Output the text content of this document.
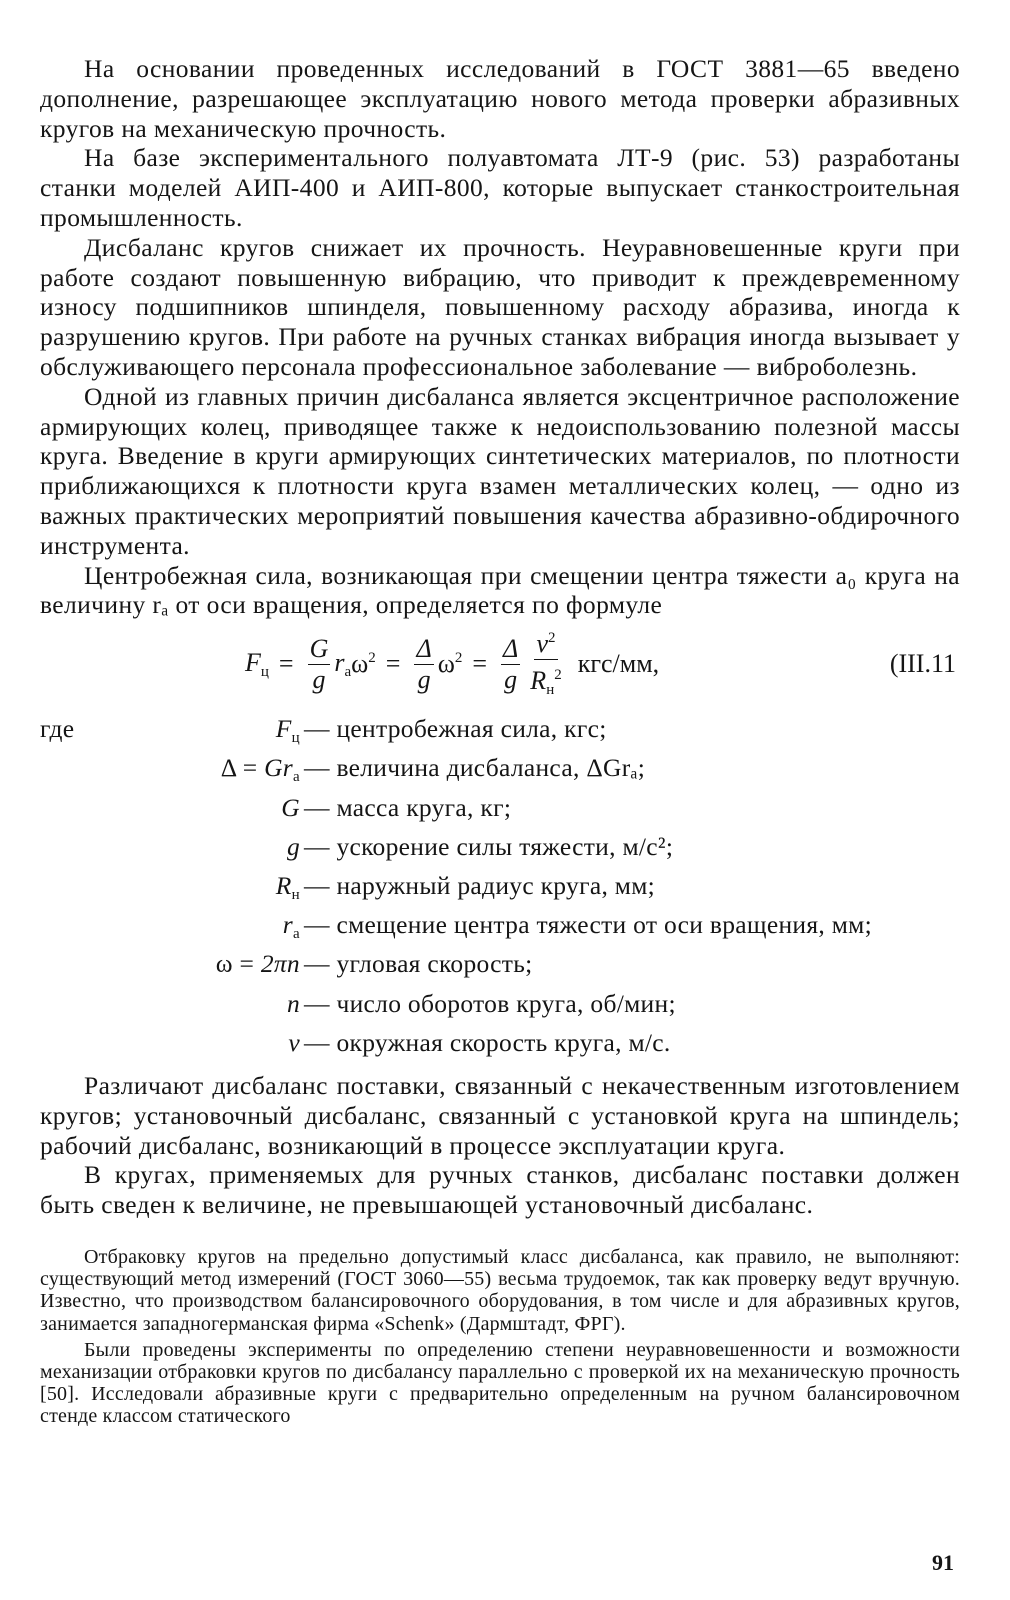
На основании проведенных исследований в ГОСТ 3881—65 введено дополнение, разрешающее эксплуатацию нового метода проверки абразивных кругов на механическую прочность.

На базе экспериментального полуавтомата ЛТ-9 (рис. 53) разработаны станки моделей АИП-400 и АИП-800, которые выпускает станкостроительная промышленность.

Дисбаланс кругов снижает их прочность. Неуравновешенные круги при работе создают повышенную вибрацию, что приводит к преждевременному износу подшипников шпинделя, повышенному расходу абразива, иногда к разрушению кругов. При работе на ручных станках вибрация иногда вызывает у обслуживающего персонала профессиональное заболевание — виброболезнь.

Одной из главных причин дисбаланса является эксцентричное расположение армирующих колец, приводящее также к недоиспользованию полезной массы круга. Введение в круги армирующих синтетических материалов, по плотности приближающихся к плотности круга взамен металлических колец, — одно из важных практических мероприятий повышения качества абразивно-обдирочного инструмента.

Центробежная сила, возникающая при смещении центра тяжести a₀ круга на величину rₐ от оси вращения, определяется по формуле

$F_ц = \frac{G}{g} r_a$ $\omega^2 = \frac{\Delta}{g} \omega^2 = \frac{\Delta}{g} \frac{v^2}{R_н^2} кгс/мм$,	(III.11
где	$F_ц$ — центробежная сила, кгс;
$\Delta = Gr_a$ — величина дисбаланса, ΔGrₐ;
G — масса круга, кг;
g — ускорение силы тяжести, м/с²;
$R_н$ — наружный радиус круга, мм;
$r_a$ — смещение центра тяжести от оси вращения, мм;
ω = 2πn — угловая скорость;
n — число оборотов круга, об/мин;
v — окружная скорость круга, м/с.

Различают дисбаланс поставки, связанный с некачественным изготовлением кругов; установочный дисбаланс, связанный с установкой круга на шпиндель; рабочий дисбаланс, возникающий в процессе эксплуатации круга.

В кругах, применяемых для ручных станков, дисбаланс поставки должен быть сведен к величине, не превышающей установочный дисбаланс.

Отбраковку кругов на предельно допустимый класс дисбаланса, как правило, не выполняют: существующий метод измерений (ГОСТ 3060—55) весьма трудоемок, так как проверку ведут вручную. Известно, что производством балансировочного оборудования, в том числе и для абразивных кругов, занимается западногерманская фирма «Schenk» (Дармштадт, ФРГ).

Были проведены эксперименты по определению степени неуравновешенности и возможности механизации отбраковки кругов по дисбалансу параллельно с проверкой их на механическую прочность [50]. Исследовали абразивные круги с предварительно определенным на ручном балансировочном стенде классом статического

91
